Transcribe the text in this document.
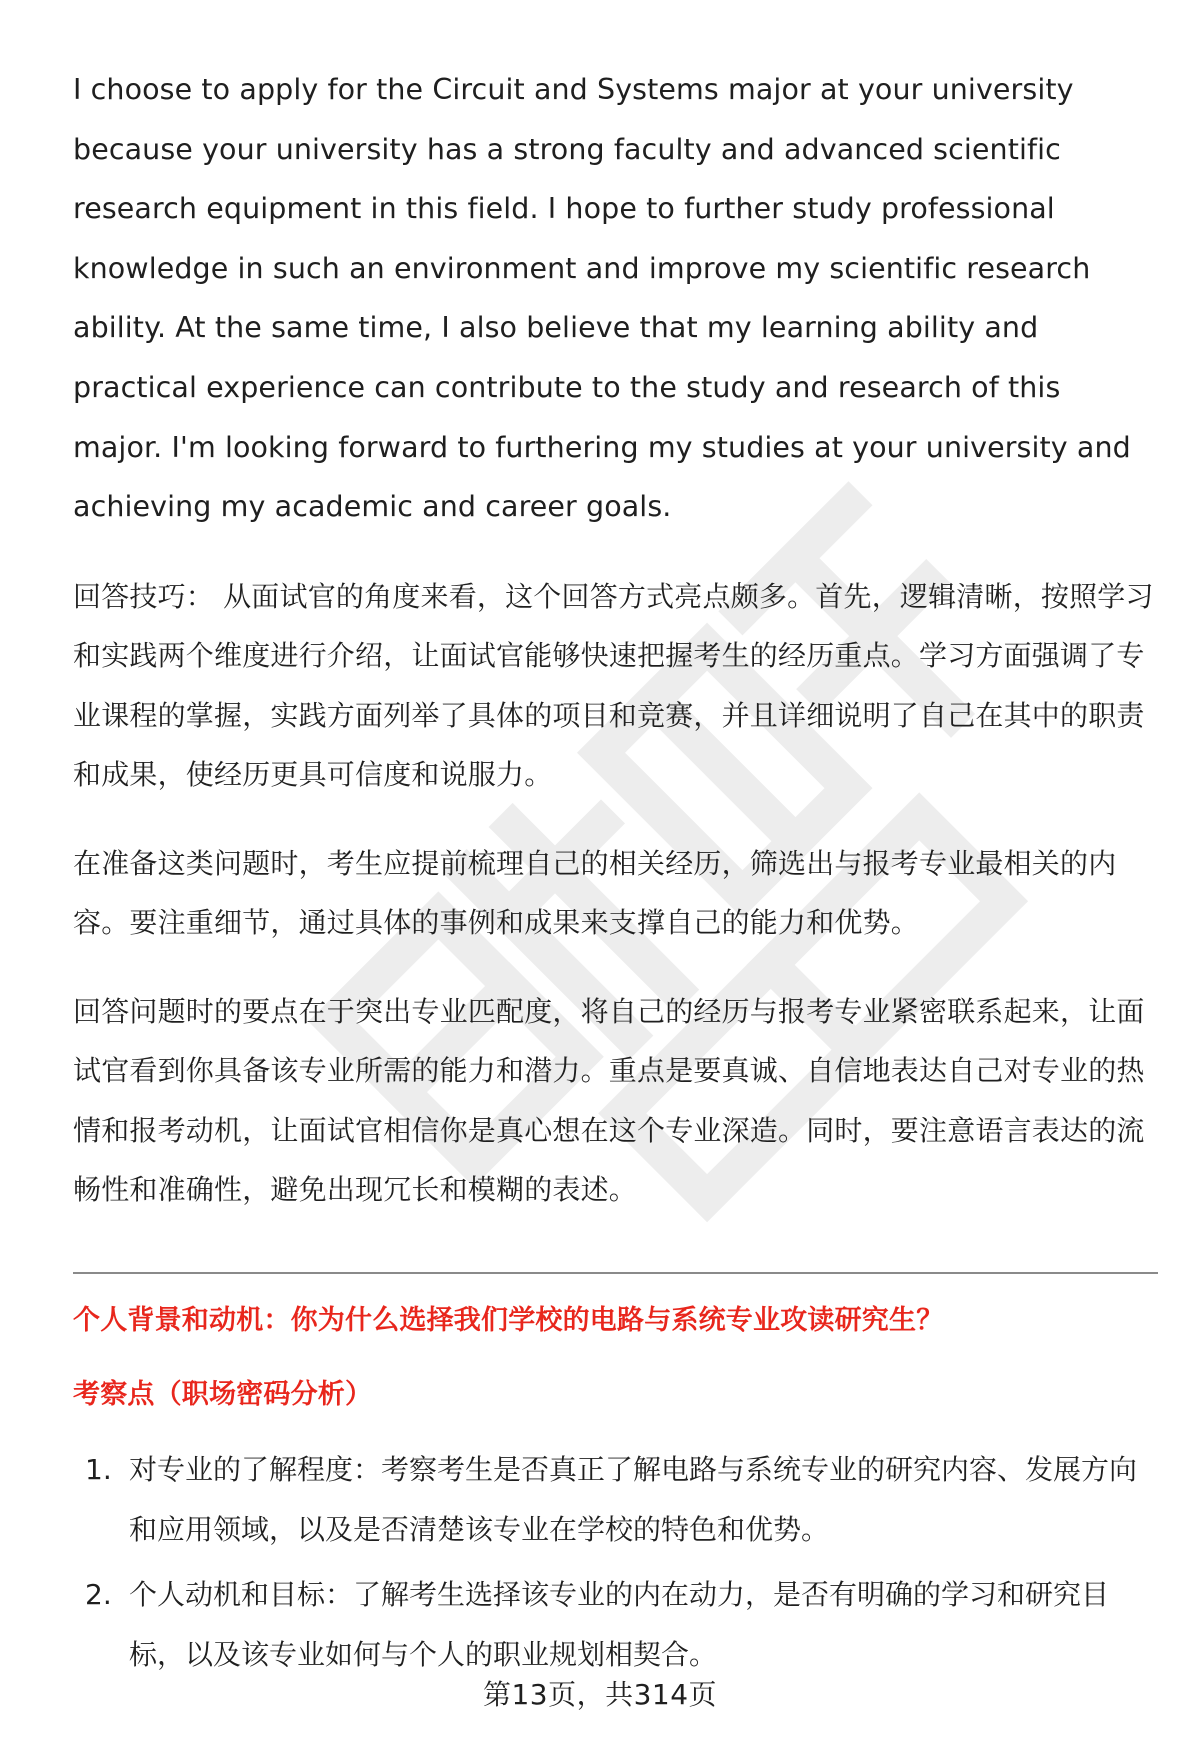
I choose to apply for the Circuit and Systems major at your university because your university has a strong faculty and advanced scientific research equipment in this field. I hope to further study professional knowledge in such an environment and improve my scientific research ability. At the same time, I also believe that my learning ability and practical experience can contribute to the study and research of this major. I'm looking forward to furthering my studies at your university and achieving my academic and career goals.

回答技巧： 从面试官的角度来看，这个回答方式亮点颇多。首先，逻辑清晰，按照学习和实践两个维度进行介绍，让面试官能够快速把握考生的经历重点。学习方面强调了专业课程的掌握，实践方面列举了具体的项目和竞赛，并且详细说明了自己在其中的职责和成果，使经历更具可信度和说服力。

在准备这类问题时，考生应提前梳理自己的相关经历，筛选出与报考专业最相关的内容。要注重细节，通过具体的事例和成果来支撑自己的能力和优势。

回答问题时的要点在于突出专业匹配度，将自己的经历与报考专业紧密联系起来，让面试官看到你具备该专业所需的能力和潜力。重点是要真诚、自信地表达自己对专业的热情和报考动机，让面试官相信你是真心想在这个专业深造。同时，要注意语言表达的流畅性和准确性，避免出现冗长和模糊的表述。

个人背景和动机：你为什么选择我们学校的电路与系统专业攻读研究生？

考察点（职场密码分析）

1. 对专业的了解程度：考察考生是否真正了解电路与系统专业的研究内容、发展方向和应用领域，以及是否清楚该专业在学校的特色和优势。
2. 个人动机和目标：了解考生选择该专业的内在动力，是否有明确的学习和研究目标，以及该专业如何与个人的职业规划相契合。
第13页，共314页
